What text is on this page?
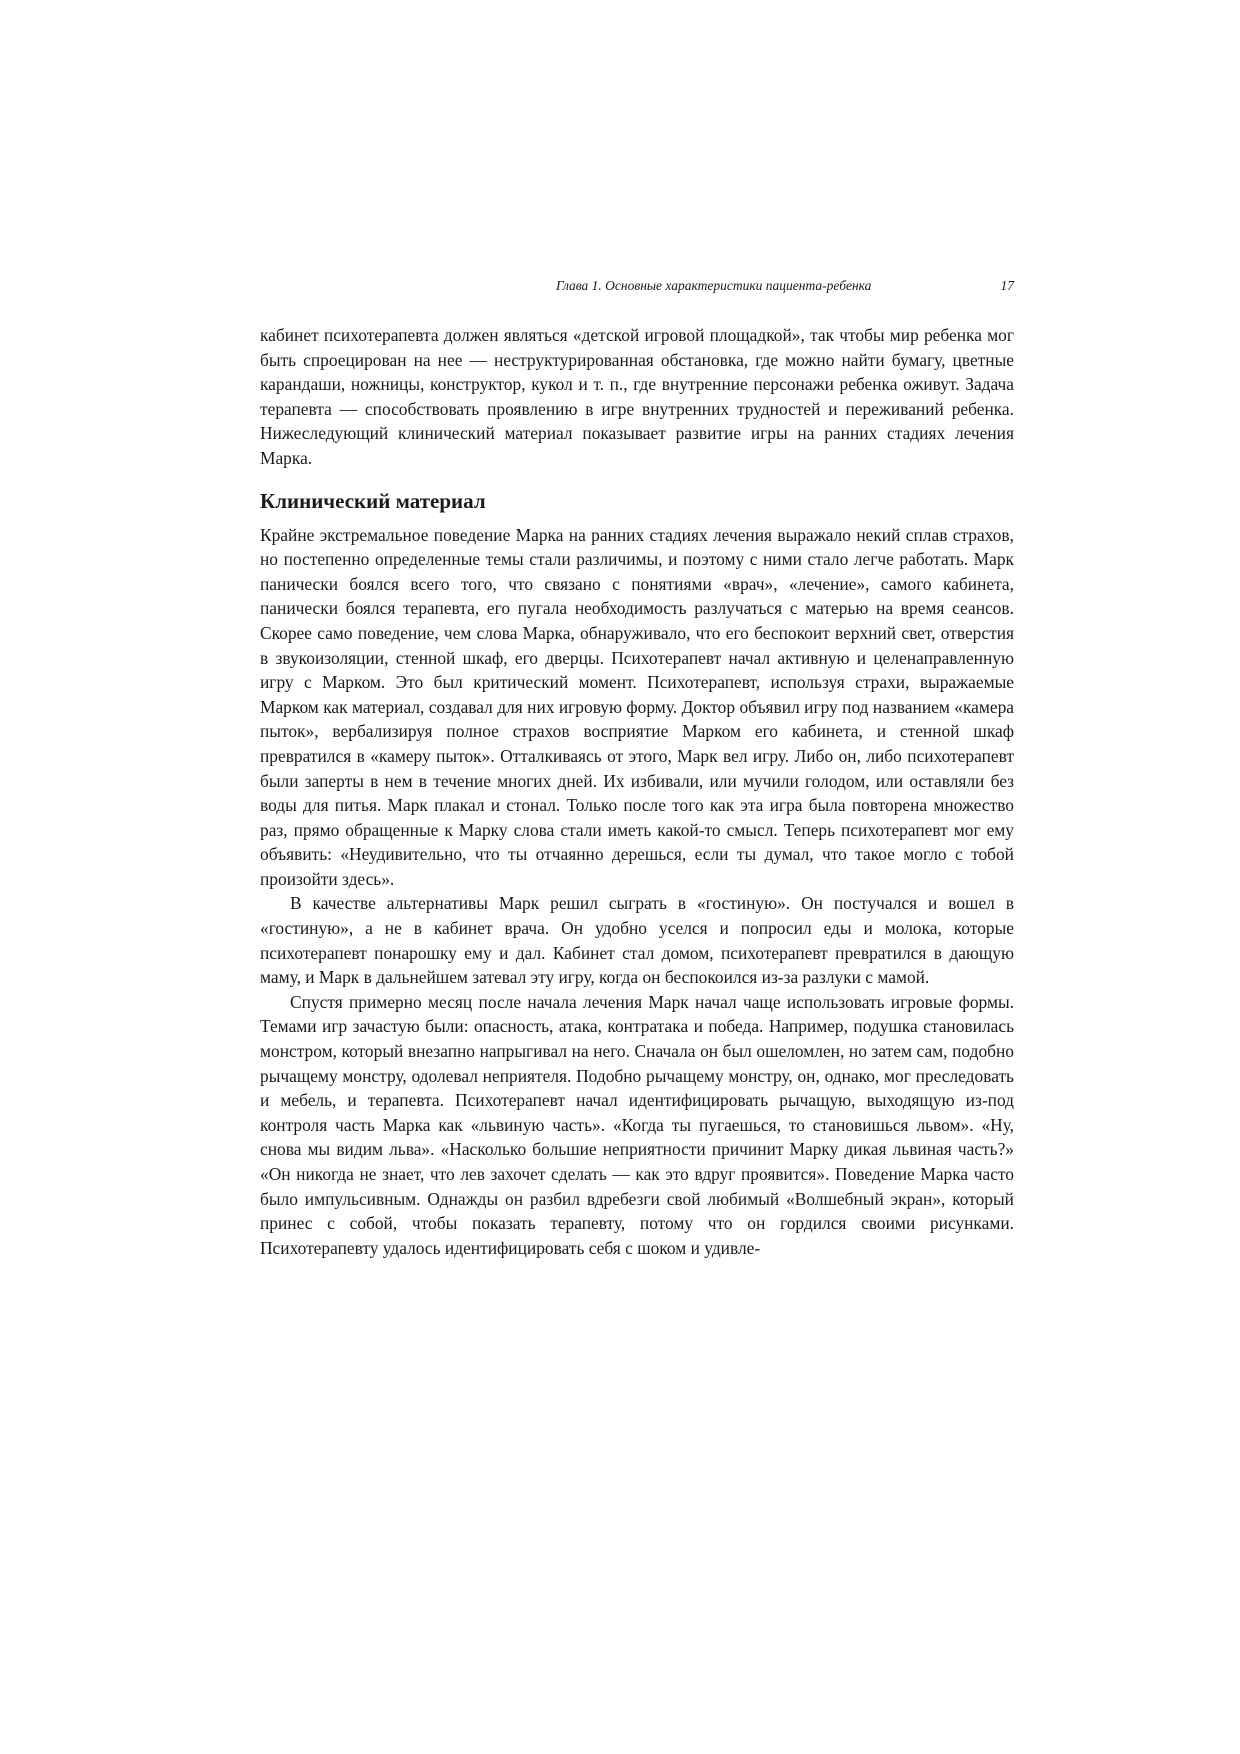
Глава 1. Основные характеристики пациента-ребенка	17

кабинет психотерапевта должен являться «детской игровой площадкой», так чтобы мир ребенка мог быть спроецирован на нее — неструктурированная обстановка, где можно найти бумагу, цветные карандаши, ножницы, конструктор, кукол и т. п., где внутренние персонажи ребенка оживут. Задача терапевта — способствовать проявлению в игре внутренних трудностей и переживаний ребенка. Нижеследующий клинический материал показывает развитие игры на ранних стадиях лечения Марка.

Клинический материал

Крайне экстремальное поведение Марка на ранних стадиях лечения выражало некий сплав страхов, но постепенно определенные темы стали различимы, и поэтому с ними стало легче работать. Марк панически боялся всего того, что связано с понятиями «врач», «лечение», самого кабинета, панически боялся терапевта, его пугала необходимость разлучаться с матерью на время сеансов. Скорее само поведение, чем слова Марка, обнаруживало, что его беспокоит верхний свет, отверстия в звукоизоляции, стенной шкаф, его дверцы. Психотерапевт начал активную и целенаправленную игру с Марком. Это был критический момент. Психотерапевт, используя страхи, выражаемые Марком как материал, создавал для них игровую форму. Доктор объявил игру под названием «камера пыток», вербализируя полное страхов восприятие Марком его кабинета, и стенной шкаф превратился в «камеру пыток». Отталкиваясь от этого, Марк вел игру. Либо он, либо психотерапевт были заперты в нем в течение многих дней. Их избивали, или мучили голодом, или оставляли без воды для питья. Марк плакал и стонал. Только после того как эта игра была повторена множество раз, прямо обращенные к Марку слова стали иметь какой-то смысл. Теперь психотерапевт мог ему объявить: «Неудивительно, что ты отчаянно дерешься, если ты думал, что такое могло с тобой произойти здесь».

В качестве альтернативы Марк решил сыграть в «гостиную». Он постучался и вошел в «гостиную», а не в кабинет врача. Он удобно уселся и попросил еды и молока, которые психотерапевт понарошку ему и дал. Кабинет стал домом, психотерапевт превратился в дающую маму, и Марк в дальнейшем затевал эту игру, когда он беспокоился из-за разлуки с мамой.

Спустя примерно месяц после начала лечения Марк начал чаще использовать игровые формы. Темами игр зачастую были: опасность, атака, контратака и победа. Например, подушка становилась монстром, который внезапно напрыгивал на него. Сначала он был ошеломлен, но затем сам, подобно рычащему монстру, одолевал неприятеля. Подобно рычащему монстру, он, однако, мог преследовать и мебель, и терапевта. Психотерапевт начал идентифицировать рычащую, выходящую из-под контроля часть Марка как «львиную часть». «Когда ты пугаешься, то становишься львом». «Ну, снова мы видим льва». «Насколько большие неприятности причинит Марку дикая львиная часть?» «Он никогда не знает, что лев захочет сделать — как это вдруг проявится». Поведение Марка часто было импульсивным. Однажды он разбил вдребезги свой любимый «Волшебный экран», который принес с собой, чтобы показать терапевту, потому что он гордился своими рисунками. Психотерапевту удалось идентифицировать себя с шоком и удивле-
